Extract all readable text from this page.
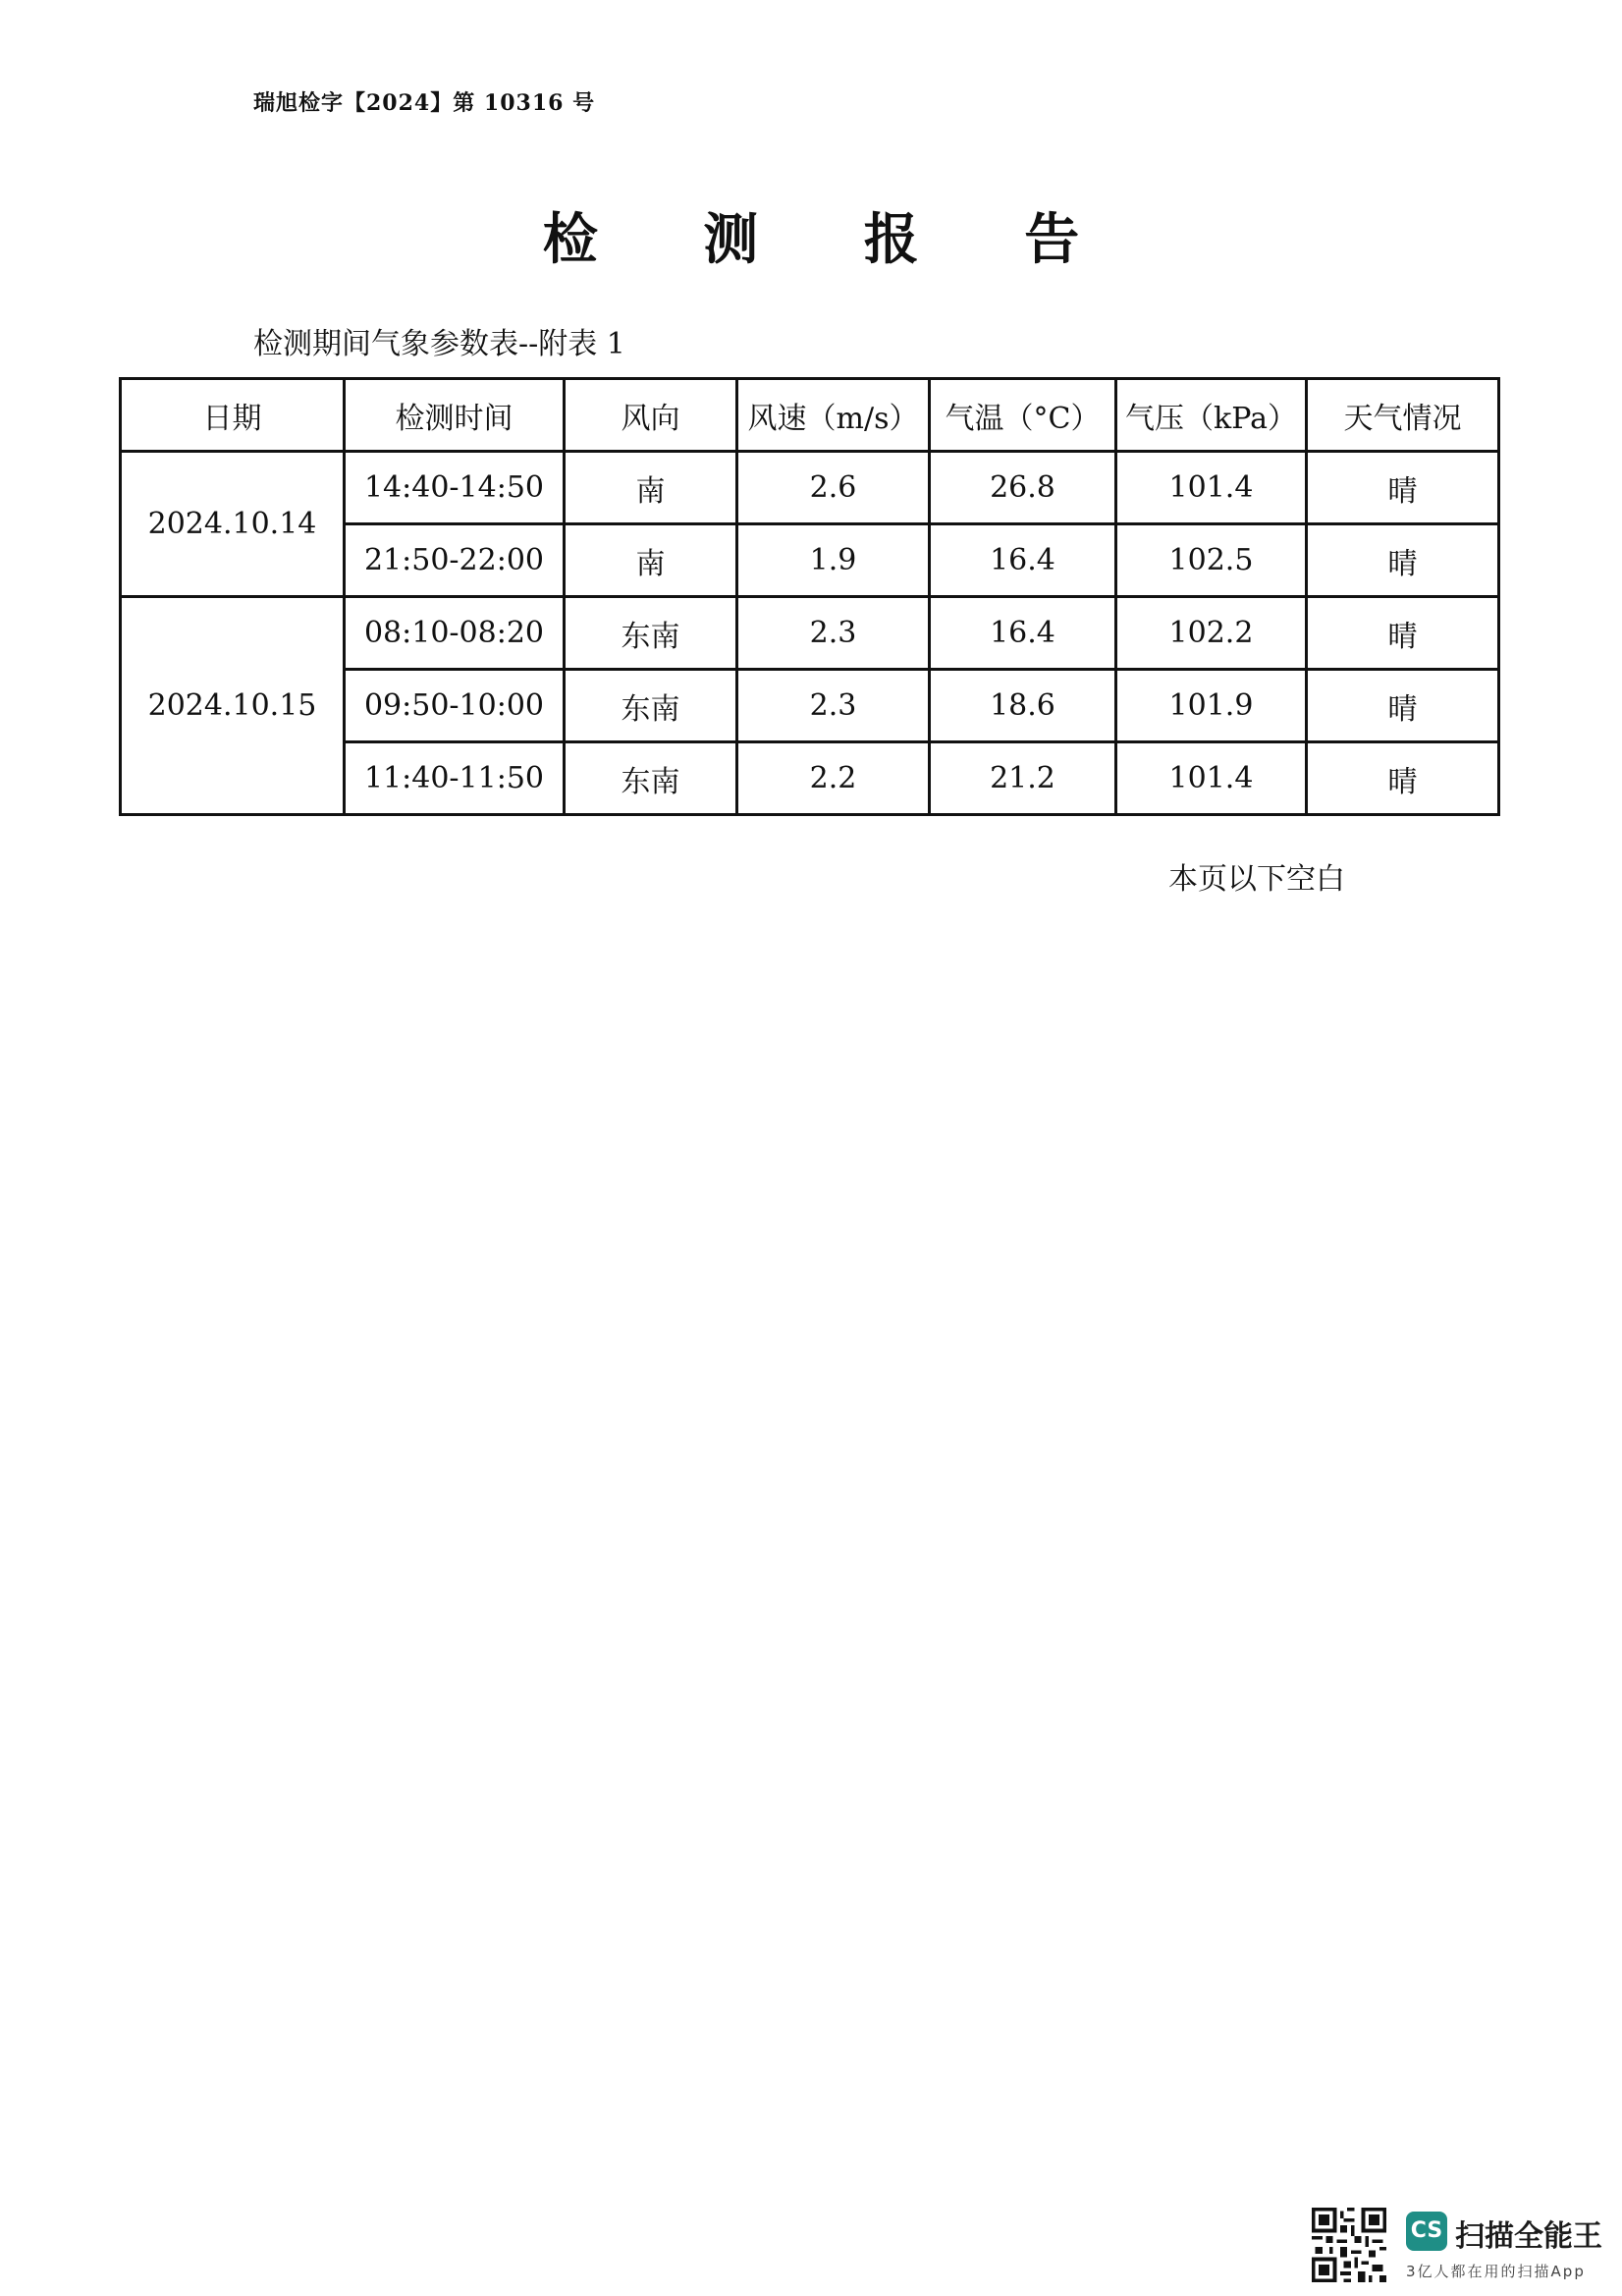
瑞旭检字【2024】第 10316 号
检 测 报 告
检测期间气象参数表--附表 1
日期	检测时间	风向	风速（m/s）	气温（°C）	气压（kPa）	天气情况
2024.10.14	14:40-14:50	南	2.6	26.8	101.4	晴
	21:50-22:00	南	1.9	16.4	102.5	晴
2024.10.15	08:10-08:20	东南	2.3	16.4	102.2	晴
	09:50-10:00	东南	2.3	18.6	101.9	晴
	11:40-11:50	东南	2.2	21.2	101.4	晴
本页以下空白
CS 扫描全能王
3亿人都在用的扫描App
